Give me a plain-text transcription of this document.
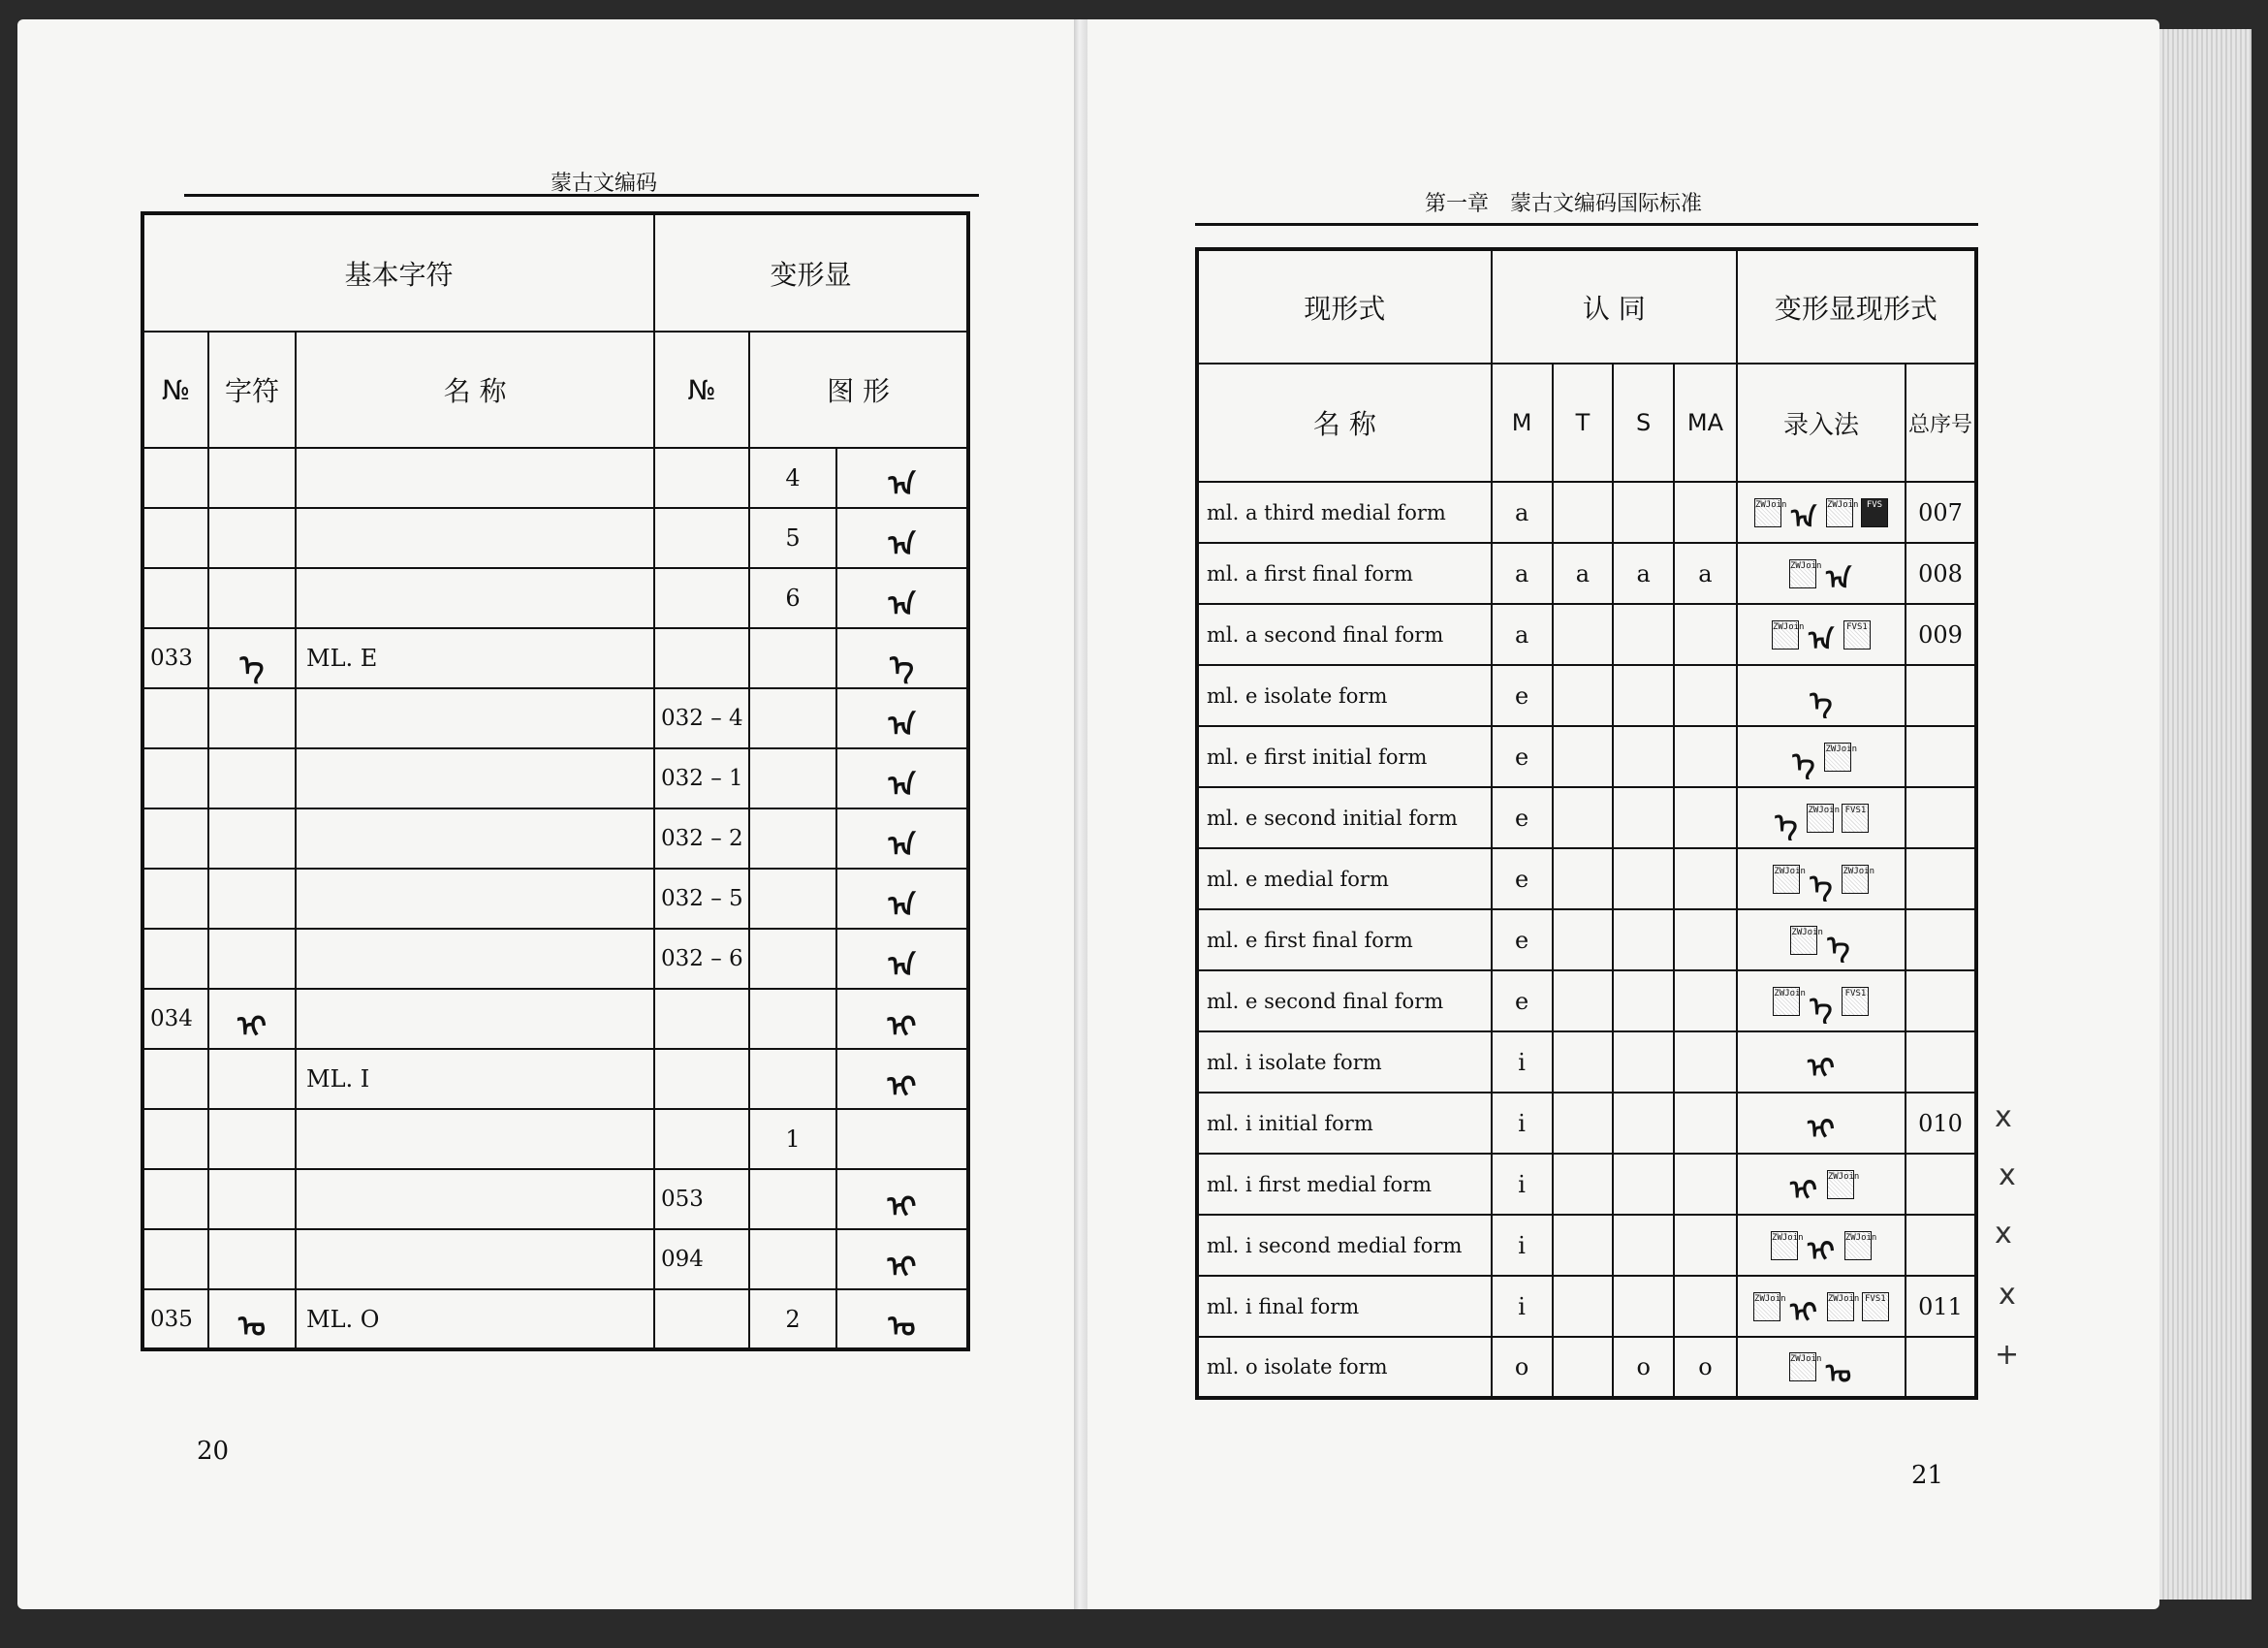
蒙古文编码
基本字符			变形显		
№	字符	名 称	№	图 形	
				4	ᠠ
				5	ᠠ
				6	ᠠ
033	ᠡ	ML. E			ᠡ
			032 – 4		ᠠ
			032 – 1		ᠠ
			032 – 2		ᠠ
			032 – 5		ᠠ
			032 – 6		ᠠ
034	ᠢ				ᠢ
		ML. I			ᠢ
				1	
			053		ᠢ
			094		ᠢ
035	ᠣ	ML. O		2	ᠣ
20
第一章　蒙古文编码国际标准
现形式	认 同				变形显现形式	
名 称	M	T	S	MA	录入法	总序号
ml. a third medial form	a				ZWJoin ᠠ ZWJoin FVS	007
ml. a first final form	a	a	a	a	ZWJoin ᠠ	008
ml. a second final form	a				ZWJoin ᠠ FVS1	009
ml. e isolate form	e				ᠡ	
ml. e first initial form	e				ᠡ ZWJoin	
ml. e second initial form	e				ᠡ ZWJoin FVS1	
ml. e medial form	e				ZWJoin ᠡ ZWJoin	
ml. e first final form	e				ZWJoin ᠡ	
ml. e second final form	e				ZWJoin ᠡ FVS1	
ml. i isolate form	i				ᠢ	
ml. i initial form	i				ᠢ	010
ml. i first medial form	i				ᠢ ZWJoin	
ml. i second medial form	i				ZWJoin ᠢ ZWJoin	
ml. i final form	i				ZWJoin ᠢ ZWJoin FVS1	011
ml. o isolate form	o		o	o	ZWJoin ᠣ	
x
x
x
x
+
21
